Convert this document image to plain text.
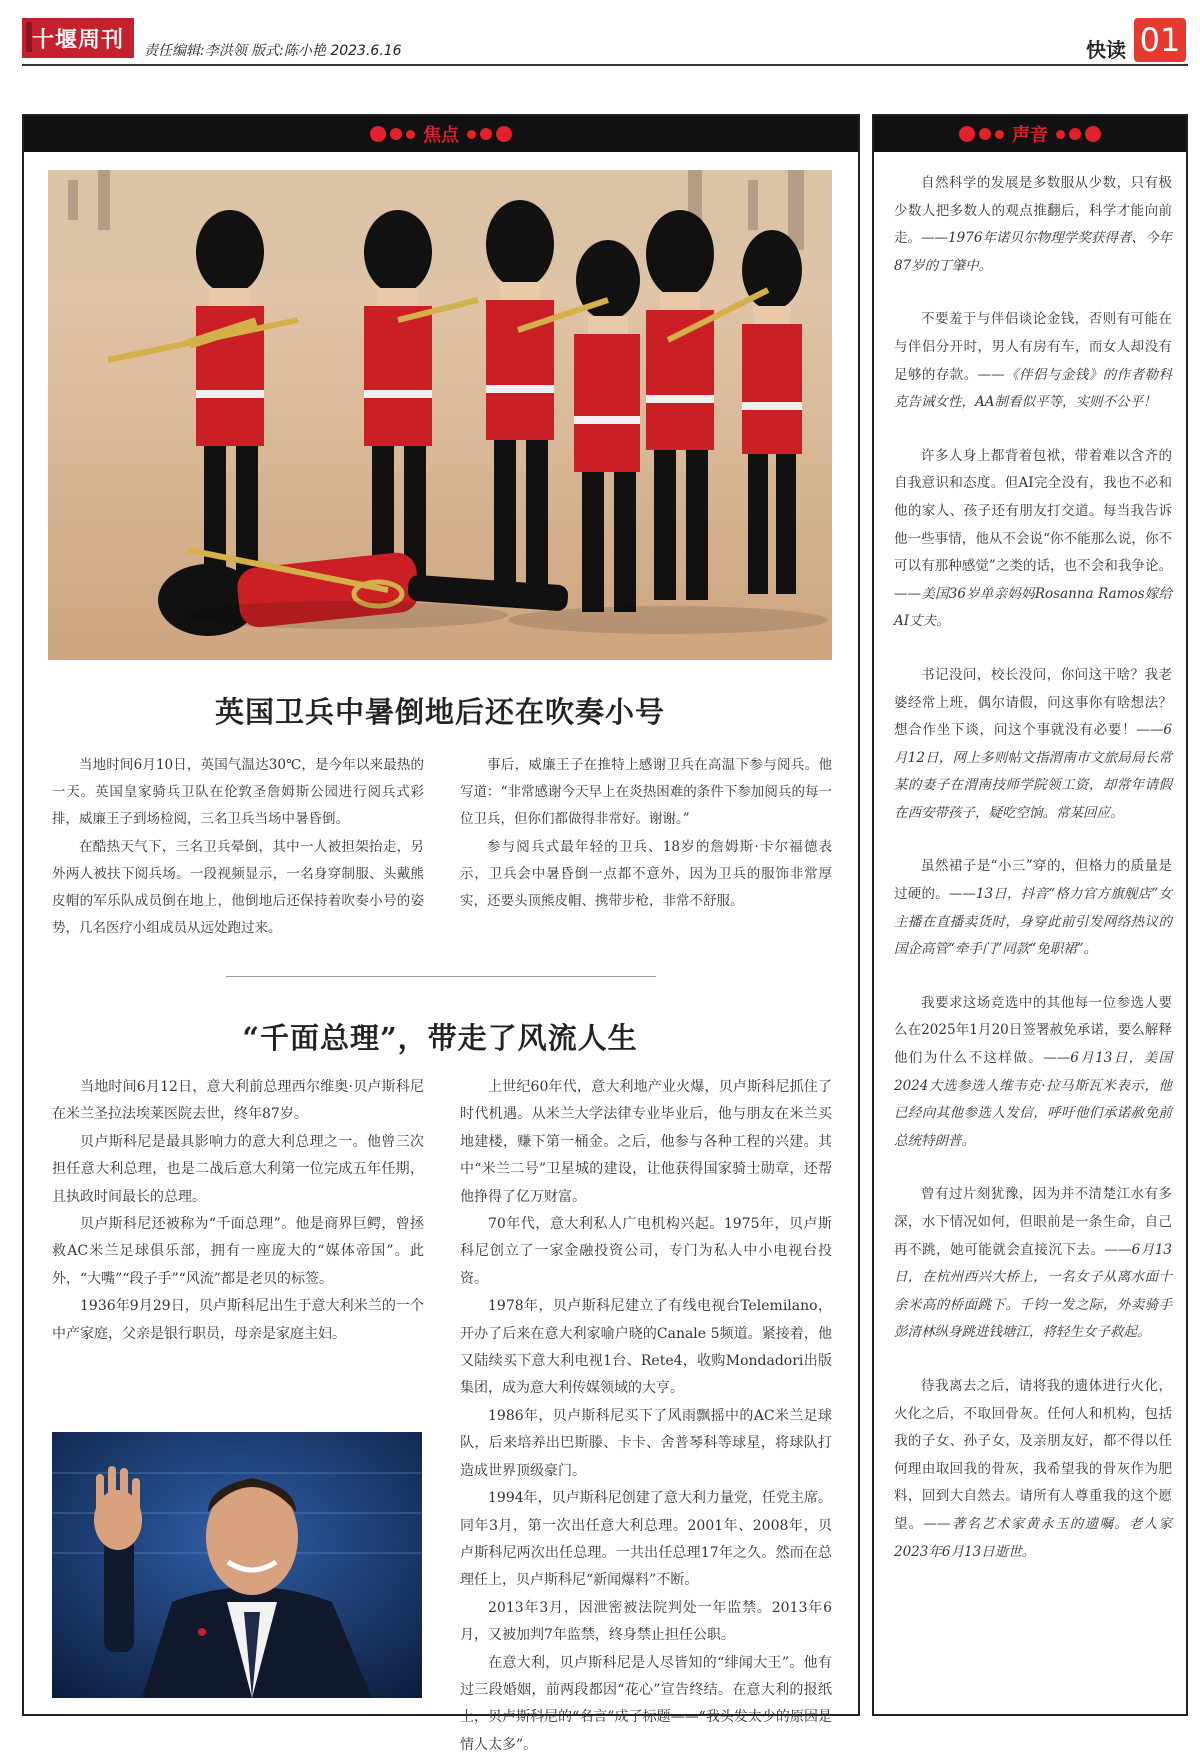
十堰周刊 责任编辑:李洪领 版式:陈小艳 2023.6.16	快读 01
焦点
英国卫兵中暑倒地后还在吹奏小号

当地时间6月10日，英国气温达30℃，是今年以来最热的一天。英国皇家骑兵卫队在伦敦圣詹姆斯公园进行阅兵式彩排，威廉王子到场检阅，三名卫兵当场中暑昏倒。

在酷热天气下，三名卫兵晕倒，其中一人被担架抬走，另外两人被扶下阅兵场。一段视频显示，一名身穿制服、头戴熊皮帽的军乐队成员倒在地上，他倒地后还保持着吹奏小号的姿势，几名医疗小组成员从远处跑过来。

事后，威廉王子在推特上感谢卫兵在高温下参与阅兵。他写道：“非常感谢今天早上在炎热困难的条件下参加阅兵的每一位卫兵，但你们都做得非常好。谢谢。”

参与阅兵式最年轻的卫兵、18岁的詹姆斯·卡尔福德表示，卫兵会中暑昏倒一点都不意外，因为卫兵的服饰非常厚实，还要头顶熊皮帽、携带步枪，非常不舒服。

“千面总理”，带走了风流人生

当地时间6月12日，意大利前总理西尔维奥·贝卢斯科尼在米兰圣拉法埃莱医院去世，终年87岁。

贝卢斯科尼是最具影响力的意大利总理之一。他曾三次担任意大利总理，也是二战后意大利第一位完成五年任期，且执政时间最长的总理。

贝卢斯科尼还被称为“千面总理”。他是商界巨鳄，曾拯救AC米兰足球俱乐部，拥有一座庞大的“媒体帝国”。此外，“大嘴”“段子手”“风流”都是老贝的标签。

1936年9月29日，贝卢斯科尼出生于意大利米兰的一个中产家庭，父亲是银行职员，母亲是家庭主妇。

上世纪60年代，意大利地产业火爆，贝卢斯科尼抓住了时代机遇。从米兰大学法律专业毕业后，他与朋友在米兰买地建楼，赚下第一桶金。之后，他参与各种工程的兴建。其中“米兰二号”卫星城的建设，让他获得国家骑士勋章，还帮他挣得了亿万财富。

70年代，意大利私人广电机构兴起。1975年，贝卢斯科尼创立了一家金融投资公司，专门为私人中小电视台投资。

1978年，贝卢斯科尼建立了有线电视台Telemilano，开办了后来在意大利家喻户晓的Canale 5频道。紧接着，他又陆续买下意大利电视1台、Rete4，收购Mondadori出版集团，成为意大利传媒领域的大亨。

1986年，贝卢斯科尼买下了风雨飘摇中的AC米兰足球队，后来培养出巴斯滕、卡卡、舍普琴科等球星，将球队打造成世界顶级豪门。

1994年，贝卢斯科尼创建了意大利力量党，任党主席。同年3月，第一次出任意大利总理。2001年、2008年，贝卢斯科尼两次出任总理。一共出任总理17年之久。然而在总理任上，贝卢斯科尼“新闻爆料”不断。

2013年3月，因泄密被法院判处一年监禁。2013年6月，又被加判7年监禁，终身禁止担任公职。

在意大利，贝卢斯科尼是人尽皆知的“绯闻大王”。他有过三段婚姻，前两段都因“花心”宣告终结。在意大利的报纸上，贝卢斯科尼的“名言”成了标题——“我头发太少的原因是情人太多”。

声音
自然科学的发展是多数服从少数，只有极少数人把多数人的观点推翻后，科学才能向前走。——1976年诺贝尔物理学奖获得者、今年87岁的丁肇中。
不要羞于与伴侣谈论金钱，否则有可能在与伴侣分开时，男人有房有车，而女人却没有足够的存款。——《伴侣与金钱》的作者勒科克告诫女性，AA制看似平等，实则不公平！
许多人身上都背着包袱，带着难以含齐的自我意识和态度。但AI完全没有，我也不必和他的家人、孩子还有朋友打交道。每当我告诉他一些事情，他从不会说“你不能那么说，你不可以有那种感觉”之类的话，也不会和我争论。——美国36岁单亲妈妈Rosanna Ramos嫁给AI丈夫。
书记没问，校长没问，你问这干啥？我老婆经常上班，偶尔请假，问这事你有啥想法？想合作坐下谈，问这个事就没有必要！——6月12日，网上多则帖文指渭南市文旅局局长常某的妻子在渭南技师学院领工资，却常年请假在西安带孩子，疑吃空饷。常某回应。
虽然裙子是“小三”穿的，但格力的质量是过硬的。——13日，抖音“格力官方旗舰店”女主播在直播卖货时，身穿此前引发网络热议的国企高管“牵手门”同款“免职裙”。
我要求这场竞选中的其他每一位参选人要么在2025年1月20日签署赦免承诺，要么解释他们为什么不这样做。——6月13日，美国2024大选参选人维韦克·拉马斯瓦米表示，他已经向其他参选人发信，呼吁他们承诺赦免前总统特朗普。
曾有过片刻犹豫，因为并不清楚江水有多深，水下情况如何，但眼前是一条生命，自己再不跳，她可能就会直接沉下去。——6月13日，在杭州西兴大桥上，一名女子从离水面十余米高的桥面跳下。千钧一发之际，外卖骑手彭清林纵身跳进钱塘江，将轻生女子救起。
待我离去之后，请将我的遗体进行火化，火化之后，不取回骨灰。任何人和机构，包括我的子女、孙子女，及亲朋友好，都不得以任何理由取回我的骨灰，我希望我的骨灰作为肥料，回到大自然去。请所有人尊重我的这个愿望。——著名艺术家黄永玉的遗嘱。老人家2023年6月13日逝世。
